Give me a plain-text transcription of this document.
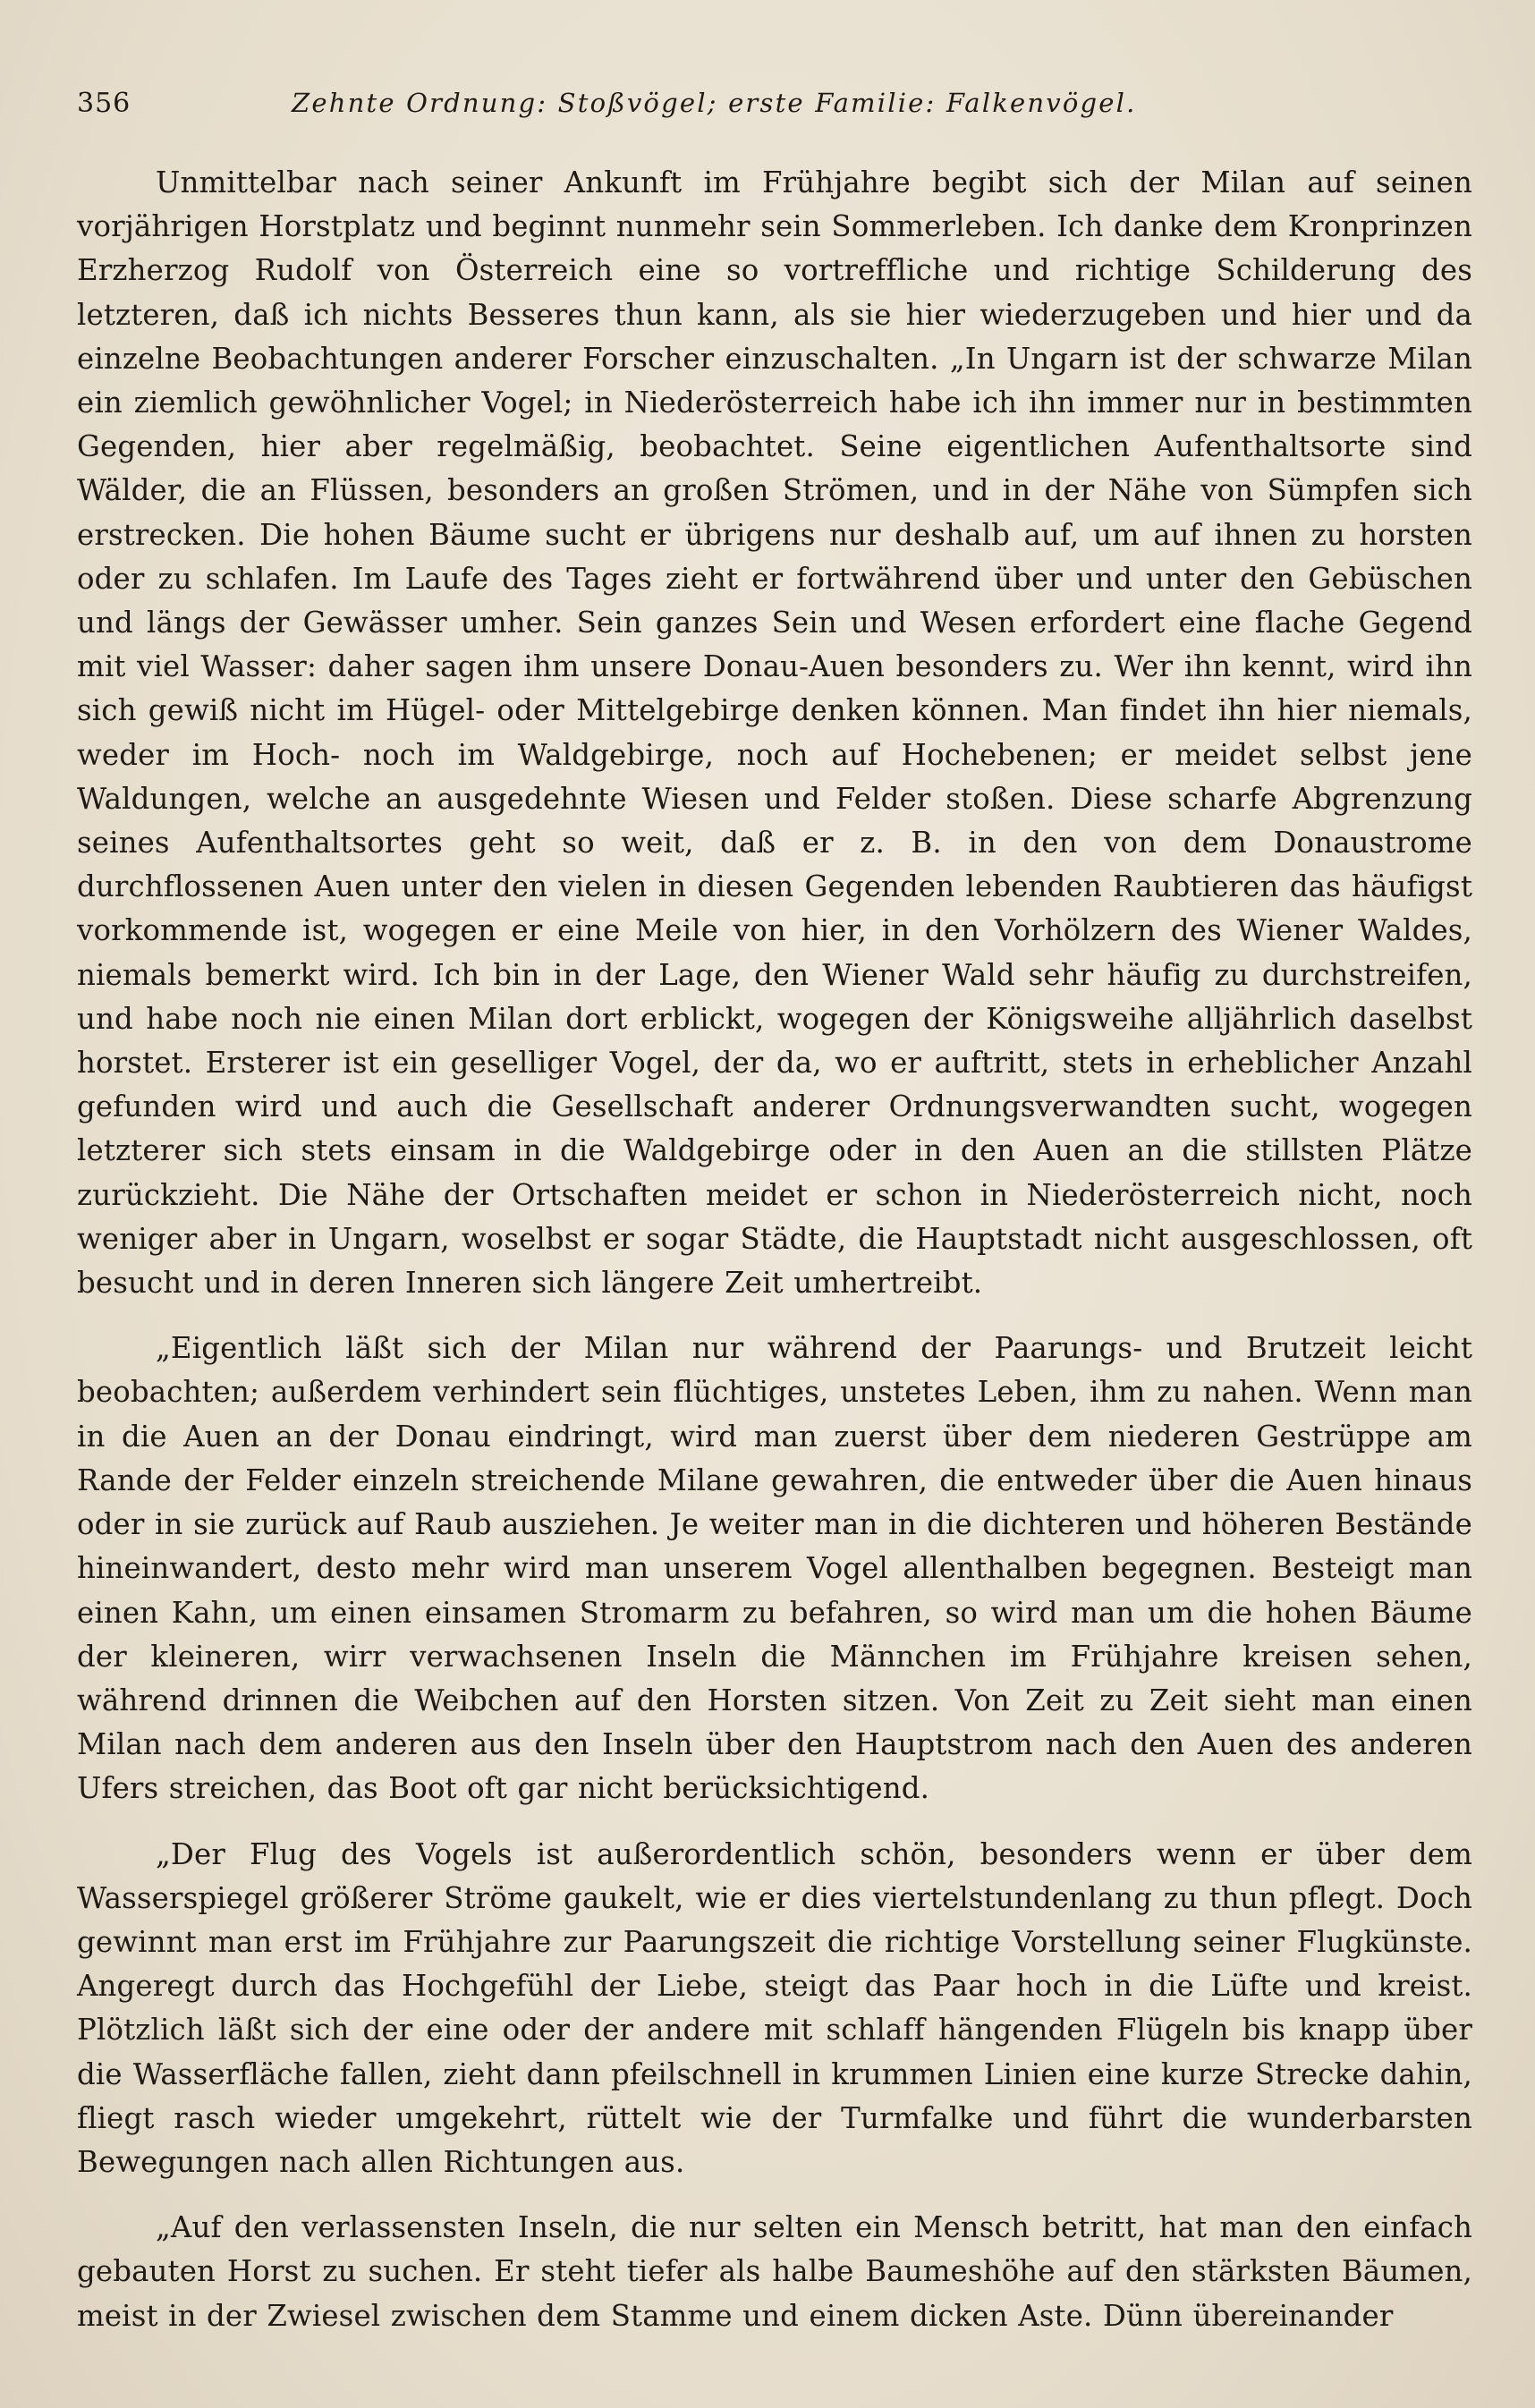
356	Zehnte Ordnung: Stoßvögel; erste Familie: Falkenvögel.

Unmittelbar nach seiner Ankunft im Frühjahre begibt sich der Milan auf seinen vorjährigen Horstplatz und beginnt nunmehr sein Sommerleben. Ich danke dem Kronprinzen Erzherzog Rudolf von Österreich eine so vortreffliche und richtige Schilderung des letzteren, daß ich nichts Besseres thun kann, als sie hier wiederzugeben und hier und da einzelne Beobachtungen anderer Forscher einzuschalten. „In Ungarn ist der schwarze Milan ein ziemlich gewöhnlicher Vogel; in Niederösterreich habe ich ihn immer nur in bestimmten Gegenden, hier aber regelmäßig, beobachtet. Seine eigentlichen Aufenthaltsorte sind Wälder, die an Flüssen, besonders an großen Strömen, und in der Nähe von Sümpfen sich erstrecken. Die hohen Bäume sucht er übrigens nur deshalb auf, um auf ihnen zu horsten oder zu schlafen. Im Laufe des Tages zieht er fortwährend über und unter den Gebüschen und längs der Gewässer umher. Sein ganzes Sein und Wesen erfordert eine flache Gegend mit viel Wasser: daher sagen ihm unsere Donau-Auen besonders zu. Wer ihn kennt, wird ihn sich gewiß nicht im Hügel- oder Mittelgebirge denken können. Man findet ihn hier niemals, weder im Hoch- noch im Waldgebirge, noch auf Hochebenen; er meidet selbst jene Waldungen, welche an ausgedehnte Wiesen und Felder stoßen. Diese scharfe Abgrenzung seines Aufenthaltsortes geht so weit, daß er z. B. in den von dem Donaustrome durchflossenen Auen unter den vielen in diesen Gegenden lebenden Raubtieren das häufigst vorkommende ist, wogegen er eine Meile von hier, in den Vorhölzern des Wiener Waldes, niemals bemerkt wird. Ich bin in der Lage, den Wiener Wald sehr häufig zu durchstreifen, und habe noch nie einen Milan dort erblickt, wogegen der Königsweihe alljährlich daselbst horstet. Ersterer ist ein geselliger Vogel, der da, wo er auftritt, stets in erheblicher Anzahl gefunden wird und auch die Gesellschaft anderer Ordnungsverwandten sucht, wogegen letzterer sich stets einsam in die Waldgebirge oder in den Auen an die stillsten Plätze zurückzieht. Die Nähe der Ortschaften meidet er schon in Niederösterreich nicht, noch weniger aber in Ungarn, woselbst er sogar Städte, die Hauptstadt nicht ausgeschlossen, oft besucht und in deren Inneren sich längere Zeit umhertreibt.

„Eigentlich läßt sich der Milan nur während der Paarungs- und Brutzeit leicht beobachten; außerdem verhindert sein flüchtiges, unstetes Leben, ihm zu nahen. Wenn man in die Auen an der Donau eindringt, wird man zuerst über dem niederen Gestrüppe am Rande der Felder einzeln streichende Milane gewahren, die entweder über die Auen hinaus oder in sie zurück auf Raub ausziehen. Je weiter man in die dichteren und höheren Bestände hineinwandert, desto mehr wird man unserem Vogel allenthalben begegnen. Besteigt man einen Kahn, um einen einsamen Stromarm zu befahren, so wird man um die hohen Bäume der kleineren, wirr verwachsenen Inseln die Männchen im Frühjahre kreisen sehen, während drinnen die Weibchen auf den Horsten sitzen. Von Zeit zu Zeit sieht man einen Milan nach dem anderen aus den Inseln über den Hauptstrom nach den Auen des anderen Ufers streichen, das Boot oft gar nicht berücksichtigend.

„Der Flug des Vogels ist außerordentlich schön, besonders wenn er über dem Wasserspiegel größerer Ströme gaukelt, wie er dies viertelstundenlang zu thun pflegt. Doch gewinnt man erst im Frühjahre zur Paarungszeit die richtige Vorstellung seiner Flugkünste. Angeregt durch das Hochgefühl der Liebe, steigt das Paar hoch in die Lüfte und kreist. Plötzlich läßt sich der eine oder der andere mit schlaff hängenden Flügeln bis knapp über die Wasserfläche fallen, zieht dann pfeilschnell in krummen Linien eine kurze Strecke dahin, fliegt rasch wieder umgekehrt, rüttelt wie der Turmfalke und führt die wunderbarsten Bewegungen nach allen Richtungen aus.

„Auf den verlassensten Inseln, die nur selten ein Mensch betritt, hat man den einfach gebauten Horst zu suchen. Er steht tiefer als halbe Baumeshöhe auf den stärksten Bäumen, meist in der Zwiesel zwischen dem Stamme und einem dicken Aste. Dünn übereinander
